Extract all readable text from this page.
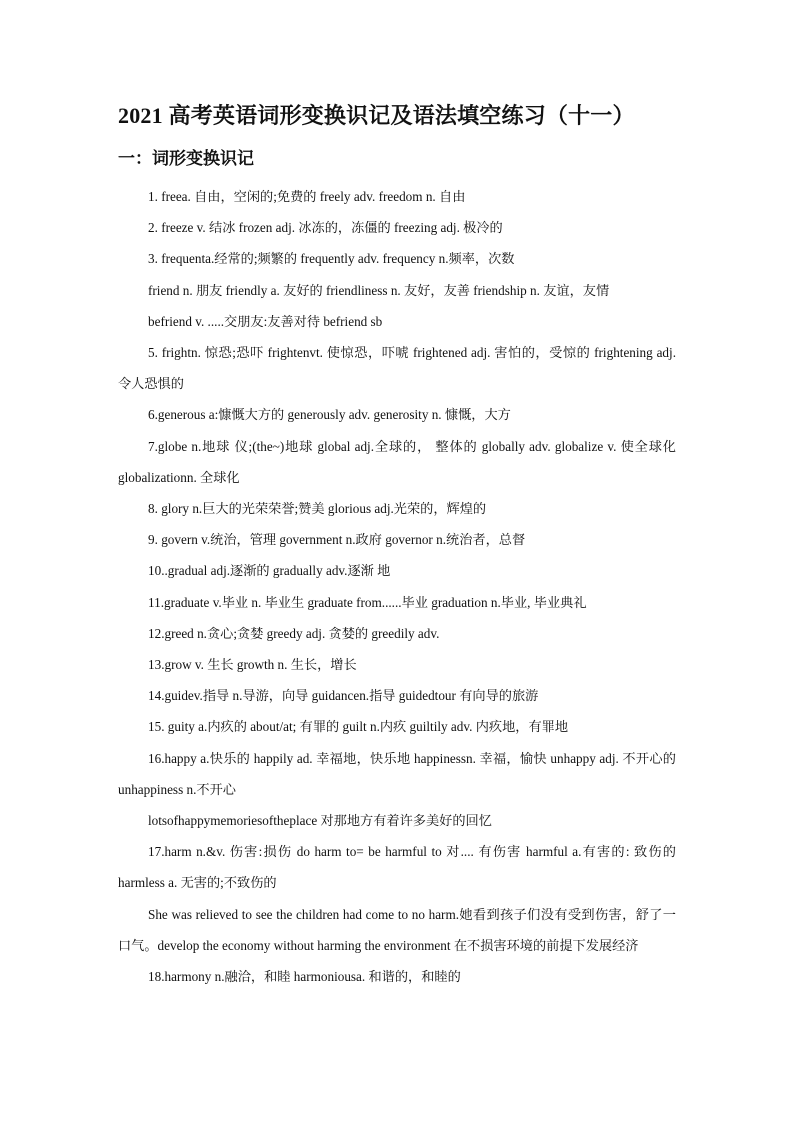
2021 高考英语词形变换识记及语法填空练习（十一）
一：词形变换识记

1. freea. 自由，空闲的;免费的 freely adv. freedom n. 自由

2. freeze v. 结冰 frozen adj. 冰冻的，冻僵的 freezing adj. 极冷的

3. frequenta.经常的;频繁的 frequently adv. frequency n.频率，次数

friend n. 朋友 friendly a. 友好的 friendliness n. 友好，友善 friendship n. 友谊，友情

befriend v. .....交朋友:友善对待 befriend sb

5. frightn. 惊恐;恐吓 frightenvt. 使惊恐，吓唬 frightened adj. 害怕的，受惊的 frightening adj. 令人恐惧的

6.generous a:慷慨大方的 generously adv. generosity n. 慷慨，大方

7.globe n.地球 仪;(the~)地球 global adj.全球的， 整体的 globally adv. globalize v. 使全球化 globalizationn. 全球化

8. glory n.巨大的光荣荣誉;赞美 glorious adj.光荣的，辉煌的

9. govern v.统治，管理 government n.政府 governor n.统治者，总督

10..gradual adj.逐渐的 gradually adv.逐渐 地

11.graduate v.毕业 n. 毕业生 graduate from......毕业 graduation n.毕业, 毕业典礼

12.greed n.贪心;贪婪 greedy adj. 贪婪的 greedily adv.

13.grow v. 生长 growth n. 生长，增长

14.guidev.指导 n.导游，向导 guidancen.指导 guidedtour 有向导的旅游

15. guity a.内疚的 about/at; 有罪的 guilt n.内疚 guiltily adv. 内疚地，有罪地

16.happy a.快乐的 happily ad. 幸福地，快乐地 happinessn. 幸福，愉快 unhappy adj. 不开心的 unhappiness n.不开心

lotsofhappymemoriesoftheplace 对那地方有着许多美好的回忆

17.harm n.&v. 伤害:损伤 do harm to= be harmful to 对.... 有伤害 harmful a.有害的: 致伤的 harmless a. 无害的;不致伤的

She was relieved to see the children had come to no harm.她看到孩子们没有受到伤害，舒了一口气。develop the economy without harming the environment 在不损害环境的前提下发展经济

18.harmony n.融洽，和睦 harmoniousa. 和谐的，和睦的
